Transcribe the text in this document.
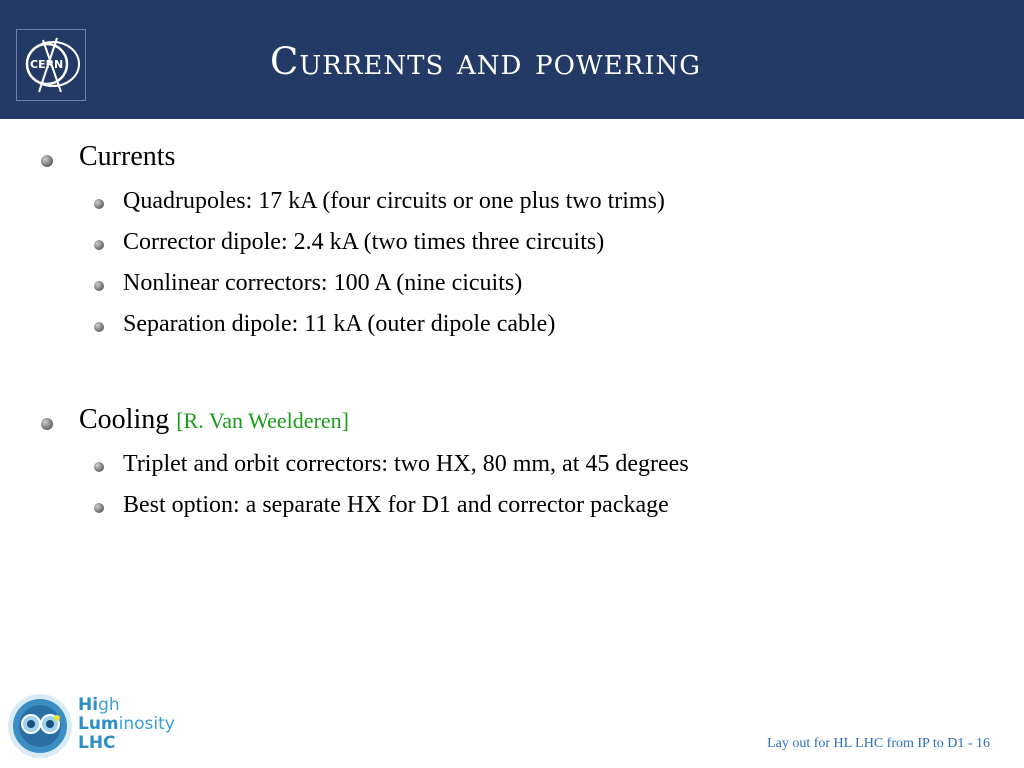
CERN	Currents and powering
Currents
Quadrupoles: 17 kA (four circuits or one plus two trims)
Corrector dipole: 2.4 kA (two times three circuits)
Nonlinear correctors: 100 A (nine cicuits)
Separation dipole: 11 kA (outer dipole cable)
Cooling [R. Van Weelderen]
Triplet and orbit correctors: two HX, 80 mm, at 45 degrees
Best option: a separate HX for D1 and corrector package
High
Luminosity
LHC	Lay out for HL LHC from IP to D1 - 16
